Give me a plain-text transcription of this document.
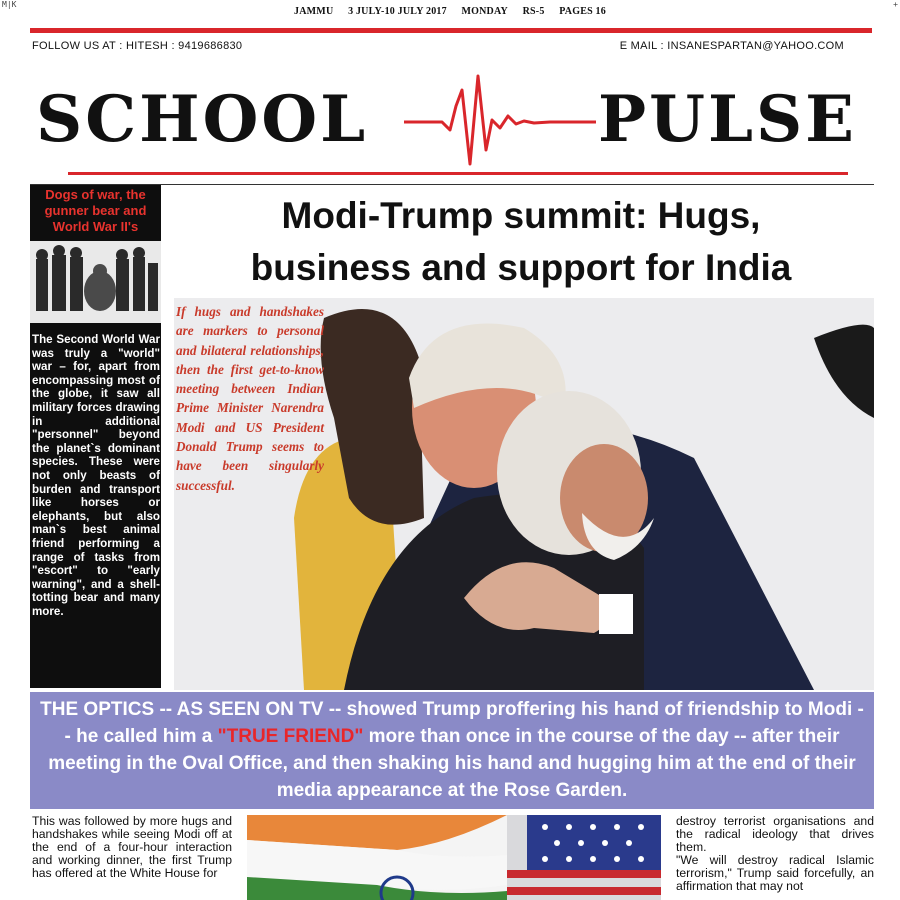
M|K	+
JAMMU 3 JULY-10 JULY 2017 MONDAY RS-5 PAGES 16
FOLLOW US AT : HITESH : 9419686830	E MAIL : INSANESPARTAN@YAHOO.COM
SCHOOL	PULSE
Dogs of war, the gunner bear and World War II's
The Second World War was truly a "world" war – for, apart from encompassing most of the globe, it saw all military forces drawing in additional "personnel" beyond the planet`s dominant species. These were not only beasts of burden and transport like horses or elephants, but also man`s best animal friend performing a range of tasks from "escort" to "early warning", and a shell-totting bear and many more.
Modi-Trump summit: Hugs,
business and support for India
If hugs and handshakes are markers to personal and bilateral relationships, then the first get-to-know meeting between Indian Prime Minister Narendra Modi and US President Donald Trump seems to have been singularly successful.
THE OPTICS -- AS SEEN ON TV -- showed Trump proffering his hand of friendship to Modi -- he called him a "TRUE FRIEND" more than once in the course of the day -- after their meeting in the Oval Office, and then shaking his hand and hugging him at the end of their media appearance at the Rose Garden.
This was followed by more hugs and handshakes while seeing Modi off at the end of a four-hour interaction and working dinner, the first Trump has offered at the White House for
destroy terrorist organisations and the radical ideology that drives them.
"We will destroy radical Islamic terrorism," Trump said forcefully, an affirmation that may not
